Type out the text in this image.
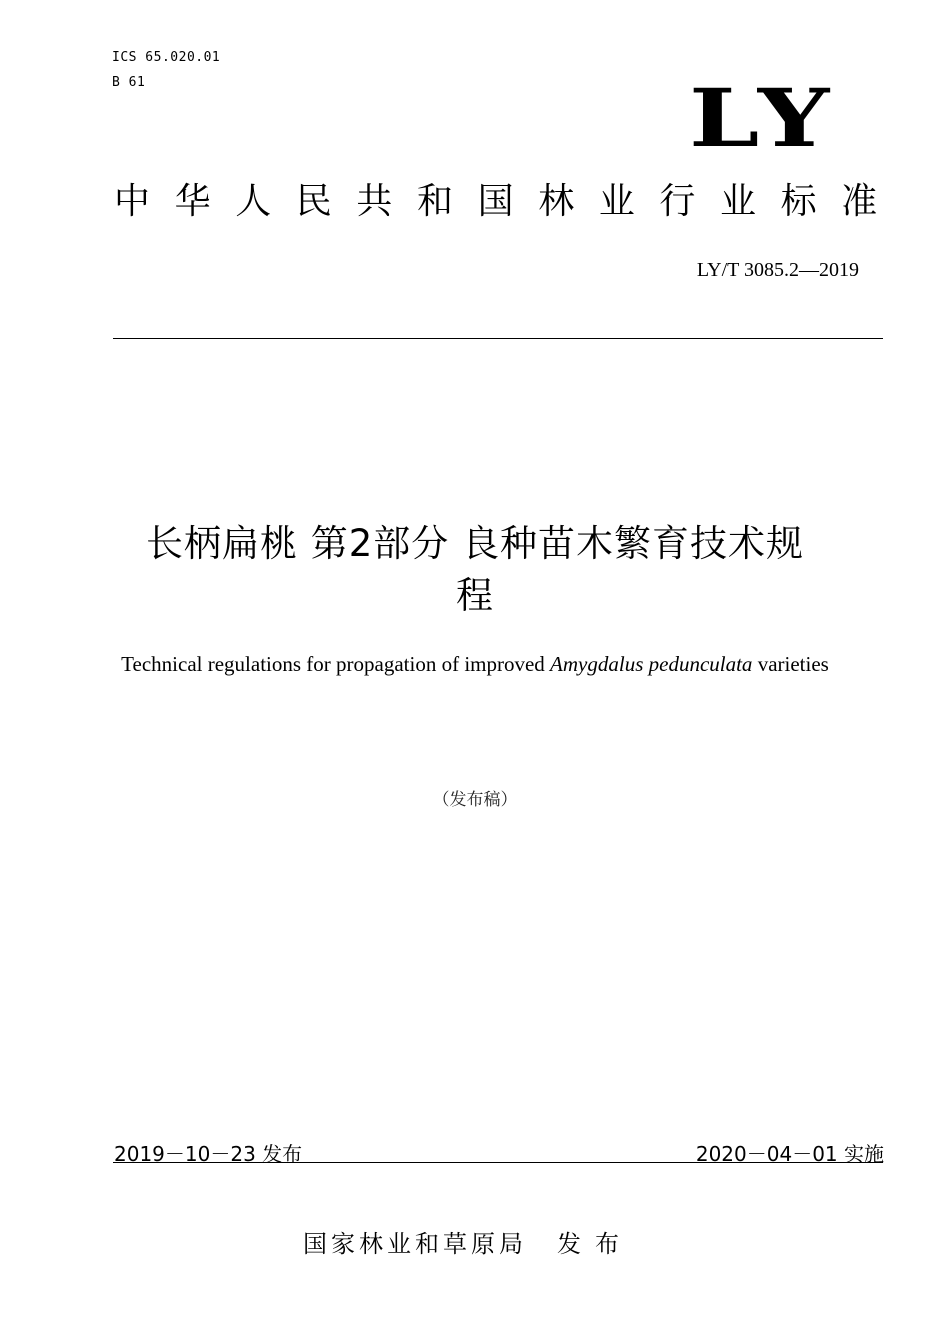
ICS 65.020.01
B 61	LY
中华人民共和国林业行业标准
LY/T 3085.2—2019
长柄扁桃 第2部分 良种苗木繁育技术规
程
Technical regulations for propagation of improved Amygdalus pedunculata varieties
（发布稿）
2019－10－23 发布	2020－04－01 实施
国家林业和草原局 发布
